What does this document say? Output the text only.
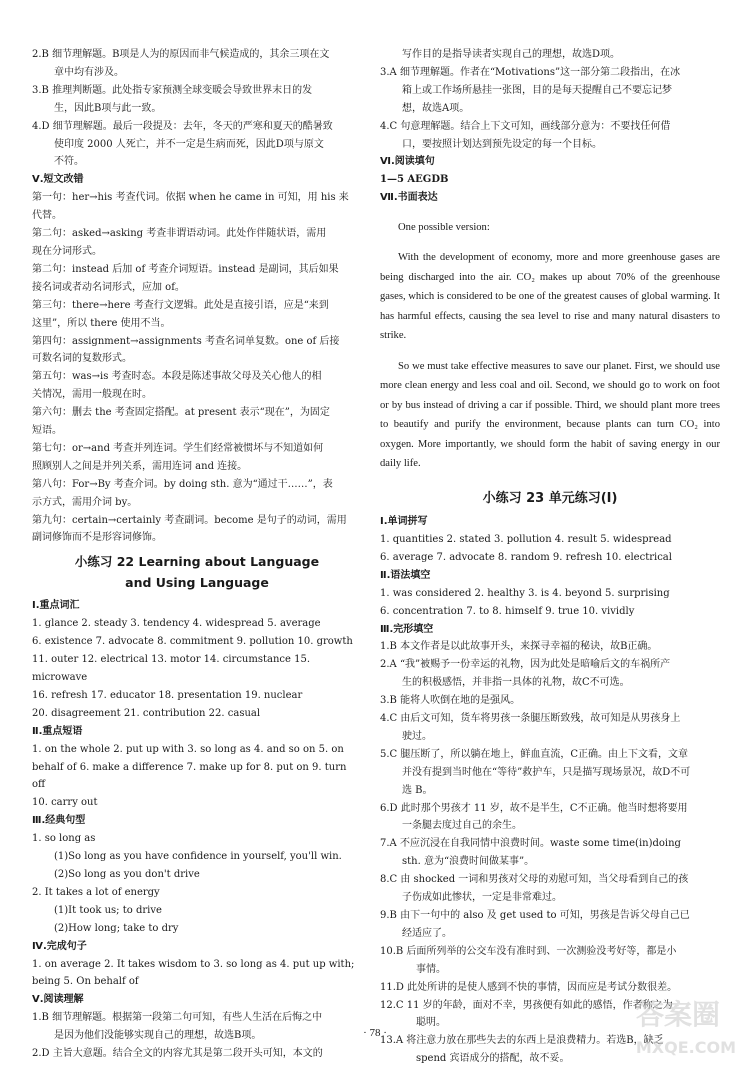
2.B 细节理解题。B项是人为的原因而非气候造成的，其余三项在文

章中均有涉及。

3.B 推理判断题。此处指专家预测全球变暖会导致世界末日的发

生，因此B项与此一致。

4.D 细节理解题。最后一段提及：去年，冬天的严寒和夏天的酷暑致

使印度 2000 人死亡，并不一定是生病而死，因此D项与原文

不符。

Ⅴ.短文改错

第一句：her→his 考查代词。依据 when he came in 可知，用 his 来

代替。

第二句：asked→asking 考查非谓语动词。此处作伴随状语，需用

现在分词形式。

第二句：instead 后加 of 考查介词短语。instead 是副词，其后如果

接名词或者动名词形式，应加 of。

第三句：there→here 考查行文逻辑。此处是直接引语，应是“来到

这里”，所以 there 使用不当。

第四句：assignment→assignments 考查名词单复数。one of 后接

可数名词的复数形式。

第五句：was→is 考查时态。本段是陈述事故父母及关心他人的相

关情况，需用一般现在时。

第六句：删去 the 考查固定搭配。at present 表示“现在”，为固定

短语。

第七句：or→and 考查并列连词。学生们经常被惯坏与不知道如何

照顾别人之间是并列关系，需用连词 and 连接。

第八句：For→By 考查介词。by doing sth. 意为“通过干……”，表

示方式，需用介词 by。

第九句：certain→certainly 考查副词。become 是句子的动词，需用

副词修饰而不是形容词修饰。

小练习 22 Learning about Language
and Using Language

Ⅰ.重点词汇

1. glance 2. steady 3. tendency 4. widespread 5. average

6. existence 7. advocate 8. commitment 9. pollution 10. growth

11. outer 12. electrical 13. motor 14. circumstance 15. microwave

16. refresh 17. educator 18. presentation 19. nuclear

20. disagreement 21. contribution 22. casual

Ⅱ.重点短语

1. on the whole 2. put up with 3. so long as 4. and so on 5. on

behalf of 6. make a difference 7. make up for 8. put on 9. turn off

10. carry out

Ⅲ.经典句型

1. so long as

(1)So long as you have confidence in yourself, you'll win.

(2)So long as you don't drive

2. It takes a lot of energy

(1)It took us; to drive

(2)How long; take to dry

Ⅳ.完成句子

1. on average 2. It takes wisdom to 3. so long as 4. put up with;

being 5. On behalf of

Ⅴ.阅读理解

1.B 细节理解题。根据第一段第二句可知，有些人生活在后悔之中

是因为他们没能够实现自己的理想，故选B项。

2.D 主旨大意题。结合全文的内容尤其是第二段开头可知，本文的

写作目的是指导读者实现自己的理想，故选D项。

3.A 细节理解题。作者在“Motivations”这一部分第二段指出，在冰

箱上或工作场所悬挂一张图，目的是每天提醒自己不要忘记梦

想，故选A项。

4.C 句意理解题。结合上下文可知，画线部分意为：不要找任何借

口，要按照计划达到预先设定的每一个目标。

Ⅵ.阅读填句

1—5 AEGDB

Ⅶ.书面表达

One possible version:

With the development of economy, more and more greenhouse gases are being discharged into the air. CO₂ makes up about 70% of the greenhouse gases, which is considered to be one of the greatest causes of global warming. It has harmful effects, causing the sea level to rise and many natural disasters to strike.

So we must take effective measures to save our planet. First, we should use more clean energy and less coal and oil. Second, we should go to work on foot or by bus instead of driving a car if possible. Third, we should plant more trees to beautify and purify the environment, because plants can turn CO₂ into oxygen. More importantly, we should form the habit of saving energy in our daily life.

小练习 23 单元练习(Ⅰ)

Ⅰ.单词拼写

1. quantities 2. stated 3. pollution 4. result 5. widespread

6. average 7. advocate 8. random 9. refresh 10. electrical

Ⅱ.语法填空

1. was considered 2. healthy 3. is 4. beyond 5. surprising

6. concentration 7. to 8. himself 9. true 10. vividly

Ⅲ.完形填空

1.B 本文作者是以此故事开头，来探寻幸福的秘诀，故B正确。

2.A “我”被赐予一份幸运的礼物，因为此处是暗喻后文的车祸所产

生的积极感悟，并非指一具体的礼物，故C不可选。

3.B 能将人吹倒在地的是强风。

4.C 由后文可知，货车将男孩一条腿压断致残，故可知是从男孩身上

驶过。

5.C 腿压断了，所以躺在地上，鲜血直流，C正确。由上下文看，文章

并没有提到当时他在“等待”救护车，只是描写现场景况，故D不可

选 B。

6.D 此时那个男孩才 11 岁，故不是半生，C不正确。他当时想将要用

一条腿去度过自己的余生。

7.A 不应沉浸在自我同情中浪费时间。waste some time(in)doing

sth. 意为“浪费时间做某事”。

8.C 由 shocked 一词和男孩对父母的劝慰可知，当父母看到自己的孩

子伤成如此惨状，一定是非常难过。

9.B 由下一句中的 also 及 get used to 可知，男孩是告诉父母自己已

经适应了。

10.B 后面所列举的公交车没有准时到、一次测验没考好等，都是小

事情。

11.D 此处所讲的是使人感到不快的事情，因而应是考试分数很差。

12.C 11 岁的年龄，面对不幸，男孩便有如此的感悟，作者称之为

聪明。

13.A 将注意力放在那些失去的东西上是浪费精力。若选B，缺乏

spend 宾语成分的搭配，故不妥。

· 78 ·
答案圈
MXQE.COM
